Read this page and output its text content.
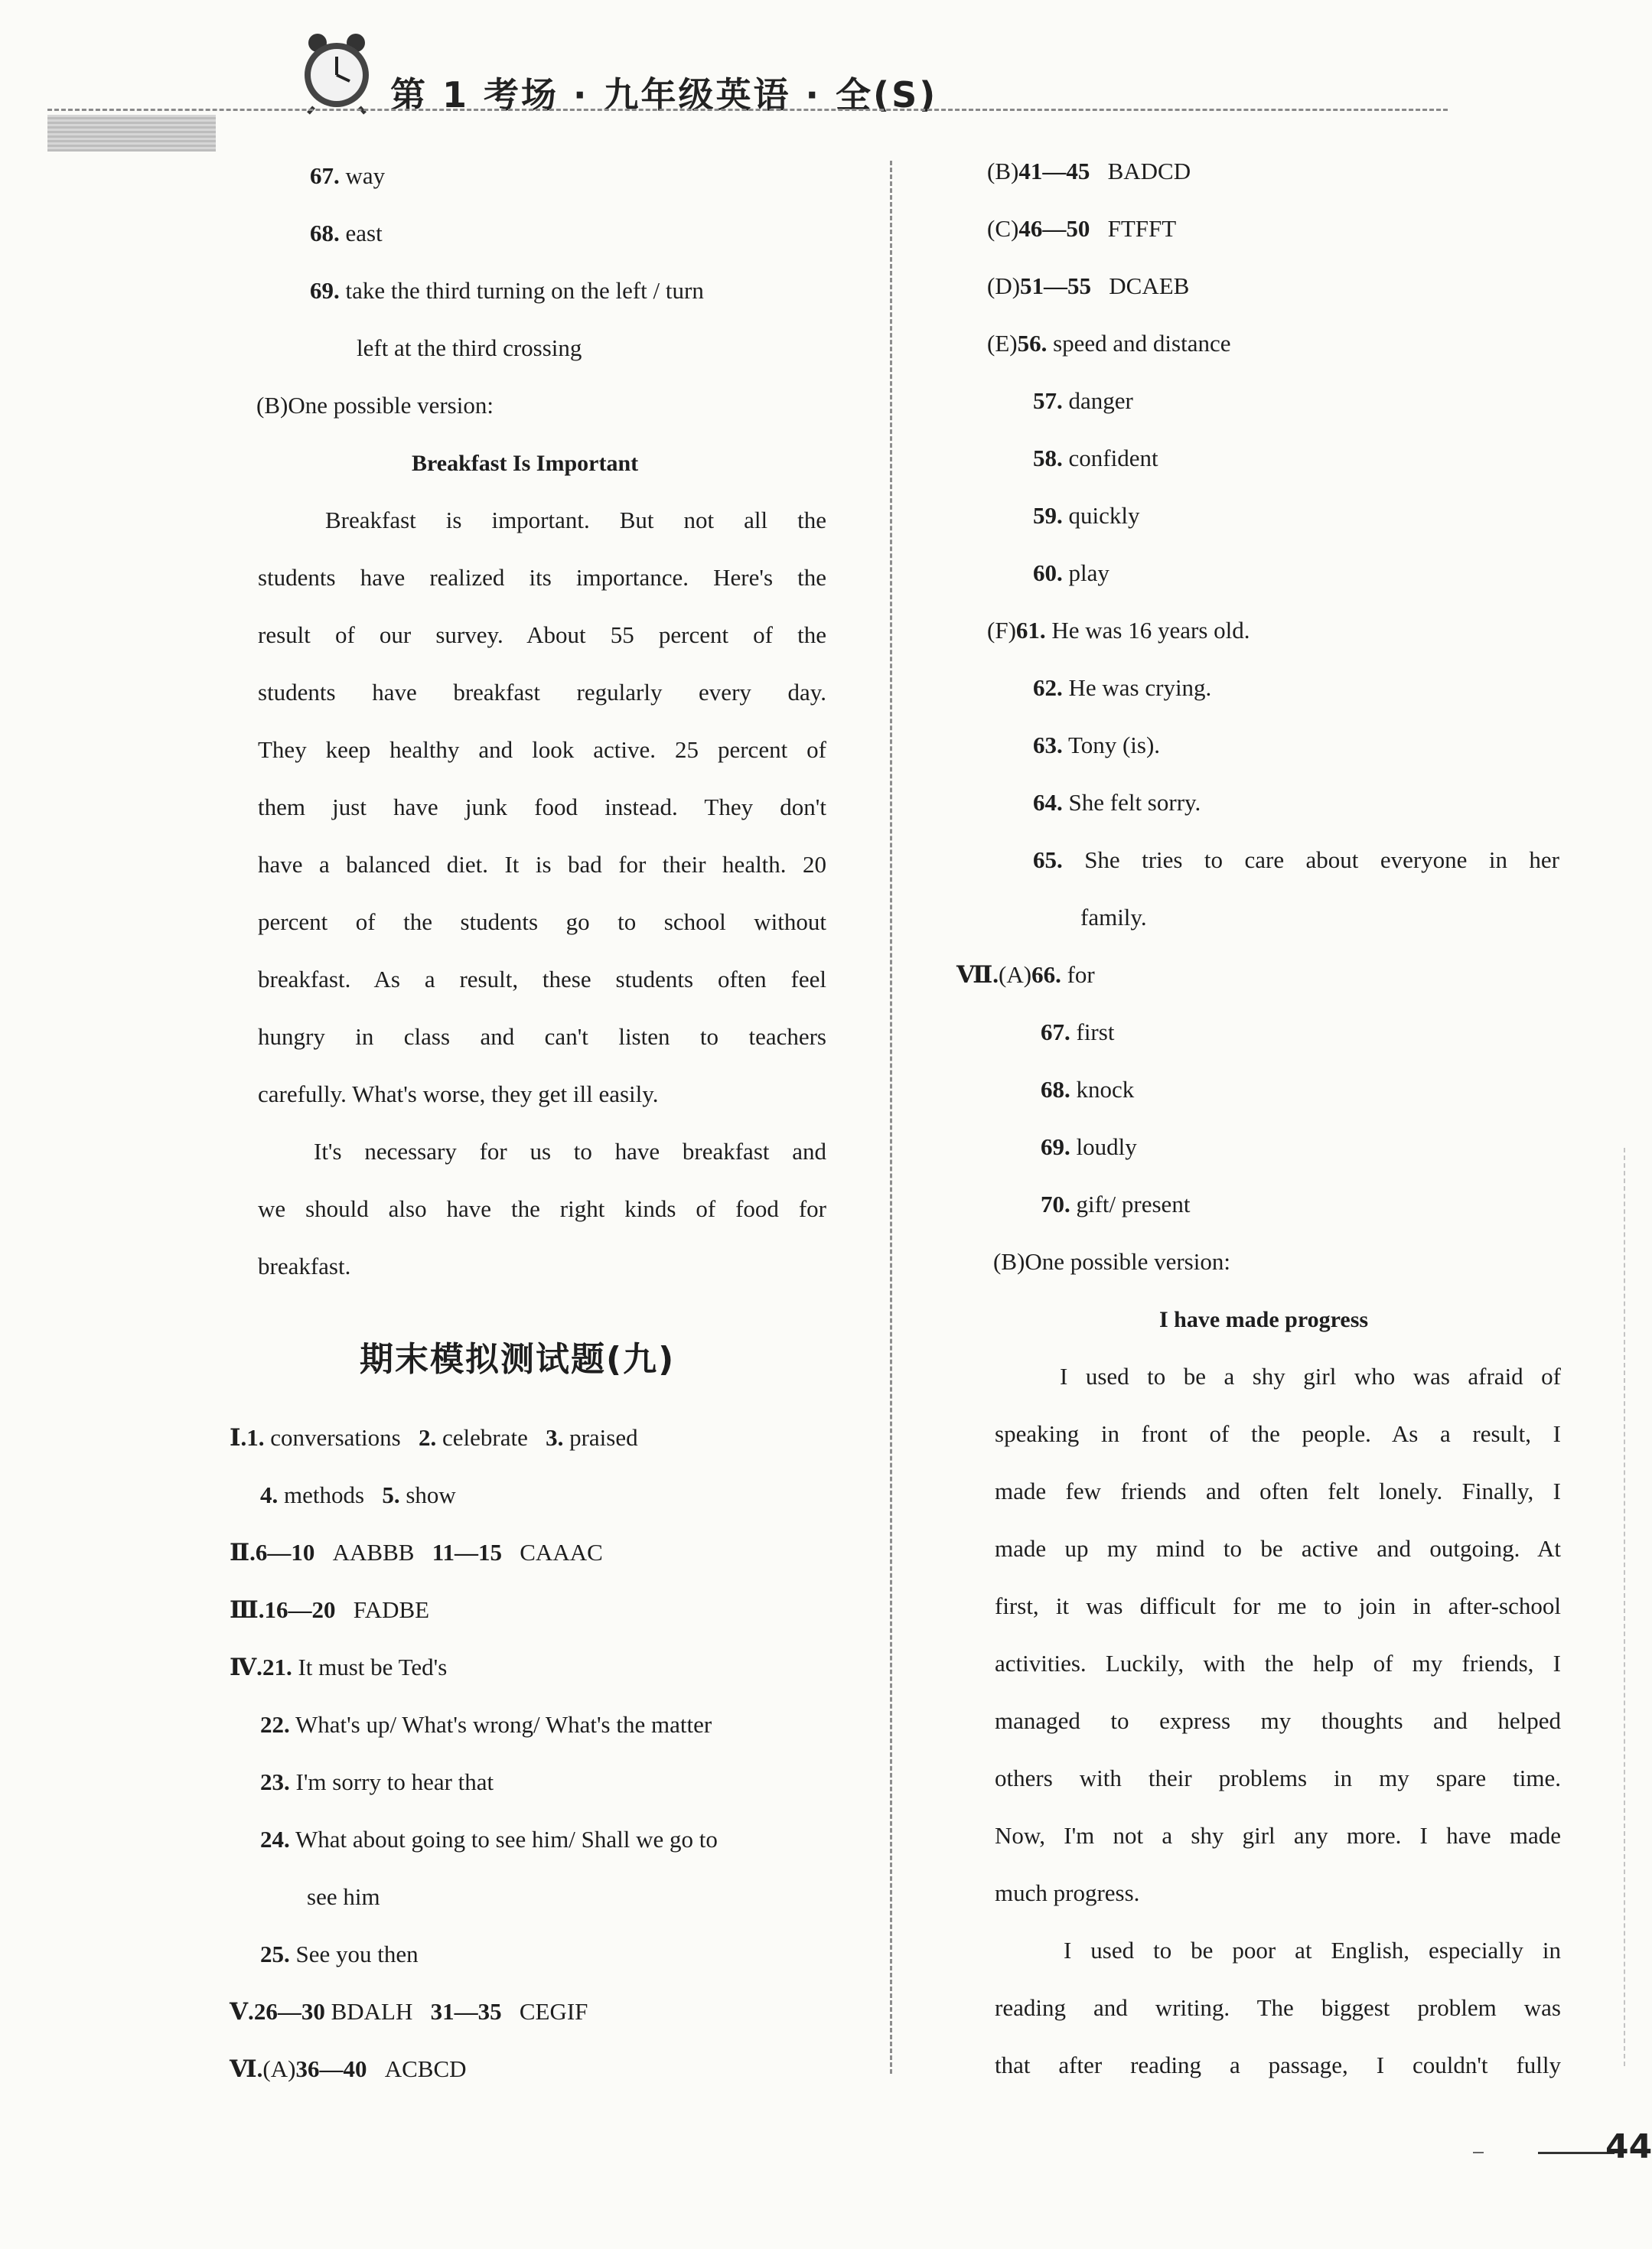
第 1 考场 · 九年级英语 · 全(S)
67. way
68. east
69. take the third turning on the left / turn
left at the third crossing
(B)One possible version:
Breakfast Is Important
Breakfast is important. But not all the
students have realized its importance. Here's the
result of our survey. About 55 percent of the
students have breakfast regularly every day.
They keep healthy and look active. 25 percent of
them just have junk food instead. They don't
have a balanced diet. It is bad for their health. 20
percent of the students go to school without
breakfast. As a result, these students often feel
hungry in class and can't listen to teachers
carefully. What's worse, they get ill easily.
It's necessary for us to have breakfast and
we should also have the right kinds of food for
breakfast.
期末模拟测试题(九)
Ⅰ.1. conversations 2. celebrate 3. praised
4. methods 5. show
Ⅱ.6—10 AABBB 11—15 CAAAC
Ⅲ.16—20 FADBE
Ⅳ.21. It must be Ted's
22. What's up/ What's wrong/ What's the matter
23. I'm sorry to hear that
24. What about going to see him/ Shall we go to
see him
25. See you then
Ⅴ.26—30 BDALH 31—35 CEGIF
Ⅵ.(A)36—40 ACBCD
(B)41—45 BADCD
(C)46—50 FTFFT
(D)51—55 DCAEB
(E)56. speed and distance
57. danger
58. confident
59. quickly
60. play
(F)61. He was 16 years old.
62. He was crying.
63. Tony (is).
64. She felt sorry.
65. She tries to care about everyone in her
family.
Ⅶ.(A)66. for
67. first
68. knock
69. loudly
70. gift/ present
(B)One possible version:
I have made progress
I used to be a shy girl who was afraid of
speaking in front of the people. As a result, I
made few friends and often felt lonely. Finally, I
made up my mind to be active and outgoing. At
first, it was difficult for me to join in after-school
activities. Luckily, with the help of my friends, I
managed to express my thoughts and helped
others with their problems in my spare time.
Now, I'm not a shy girl any more. I have made
much progress.
I used to be poor at English, especially in
reading and writing. The biggest problem was
that after reading a passage, I couldn't fully
44
